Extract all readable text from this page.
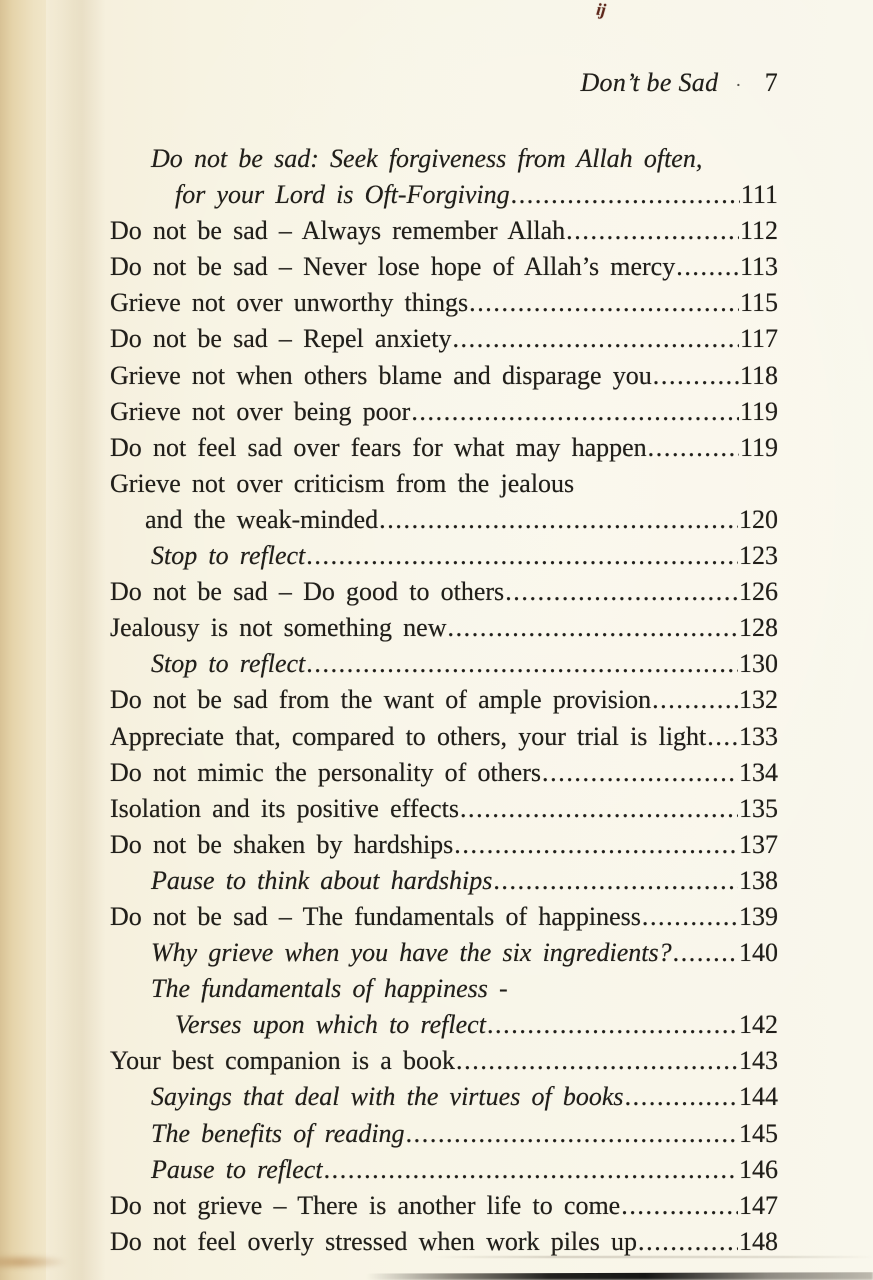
ij
Don’t be Sad · 7
Do not be sad: Seek forgiveness from Allah often,
for your Lord is Oft-Forgiving .....	111
Do not be sad – Always remember Allah .....	112
Do not be sad – Never lose hope of Allah’s mercy ..... 113
Grieve not over unworthy things .....	115
Do not be sad – Repel anxiety .....	117
Grieve not when others blame and disparage you .....	118
Grieve not over being poor .....	119
Do not feel sad over fears for what may happen .....	119
Grieve not over criticism from the jealous
and the weak-minded .....	120
Stop to reflect .....	123
Do not be sad – Do good to others .....	126
Jealousy is not something new .....	128
Stop to reflect .....	130
Do not be sad from the want of ample provision .....	132
Appreciate that, compared to others, your trial is light ..... 133
Do not mimic the personality of others .....	134
Isolation and its positive effects .....	135
Do not be shaken by hardships .....	137
Pause to think about hardships .....	138
Do not be sad – The fundamentals of happiness .....	139
Why grieve when you have the six ingredients? .....	140
The fundamentals of happiness -
Verses upon which to reflect .....	142
Your best companion is a book .....	143
Sayings that deal with the virtues of books .....	144
The benefits of reading .....	145
Pause to reflect .....	146
Do not grieve – There is another life to come .....	147
Do not feel overly stressed when work piles up .....	148
